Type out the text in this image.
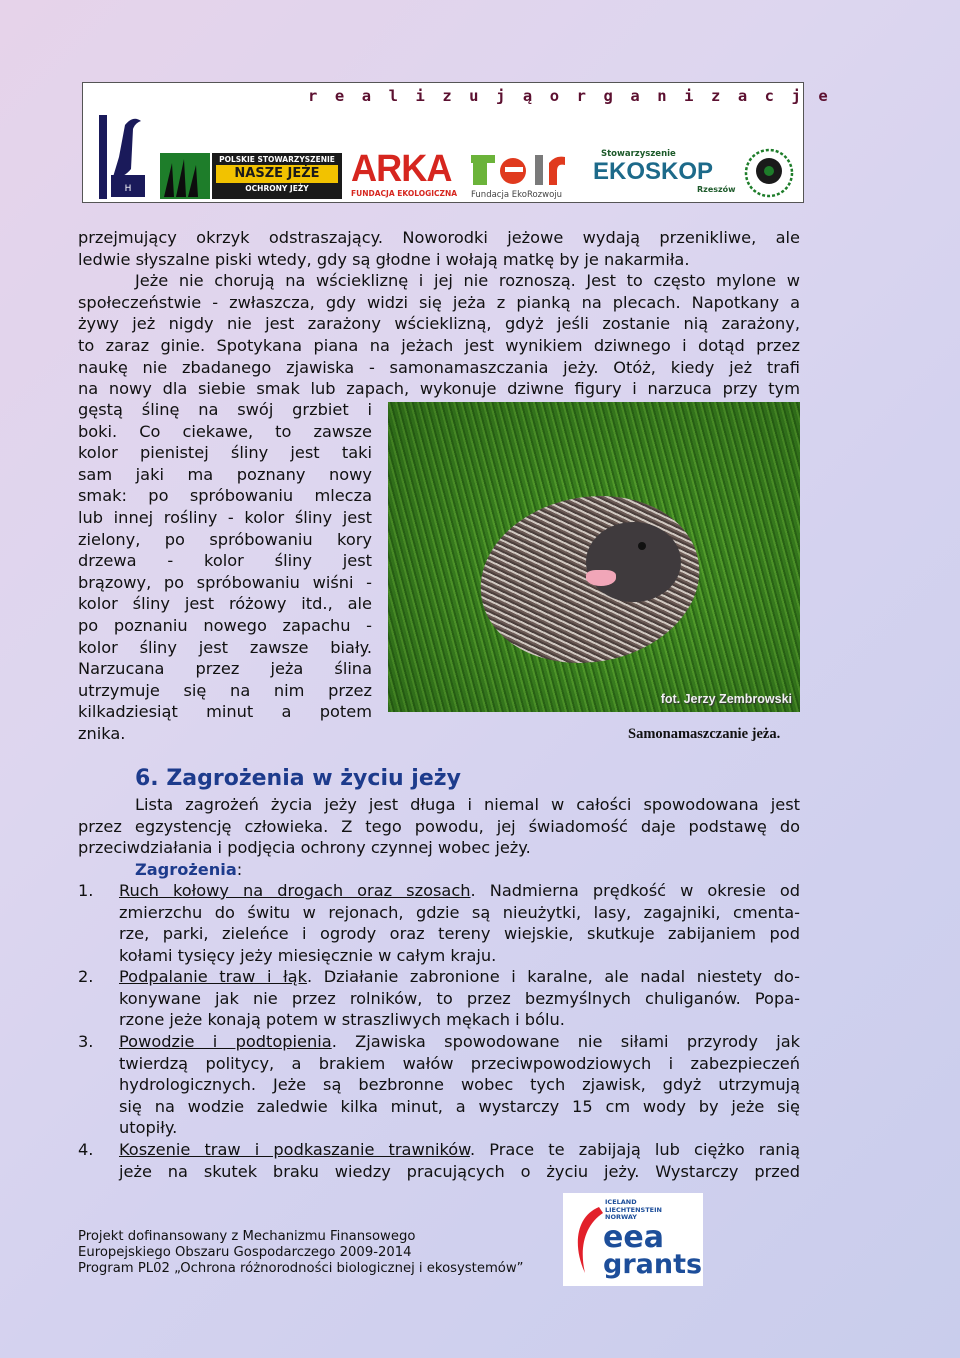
r e a l i z u j ą o r g a n i z a c j e
H
POLSKIE STOWARZYSZENIE
NASZE JEŻE
OCHRONY JEŻY	ARKA
FUNDACJA EKOLOGICZNA	Fundacja EkoRozwoju
Stowarzyszenie
EKOSKOP
Rzeszów

przejmujący okrzyk odstraszający. Noworodki jeżowe wydają przenikliwe, ale

ledwie słyszalne piski wtedy, gdy są głodne i wołają matkę by je nakarmiła.

Jeże nie chorują na wściekliznę i jej nie roznoszą. Jest to często mylone w

społeczeństwie - zwłaszcza, gdy widzi się jeża z pianką na plecach. Napotkany a

żywy jeż nigdy nie jest zarażony wścieklizną, gdyż jeśli zostanie nią zarażony,

to zaraz ginie. Spotykana piana na jeżach jest wynikiem dziwnego i dotąd przez

naukę nie zbadanego zjawiska - samonamaszczania jeży. Otóż, kiedy jeż trafi

na nowy dla siebie smak lub zapach, wykonuje dziwne figury i narzuca przy tym

gęstą ślinę na swój grzbiet i

boki. Co ciekawe, to zawsze

kolor pienistej śliny jest taki

sam jaki ma poznany nowy

smak: po spróbowaniu mlecza

lub innej rośliny - kolor śliny jest

zielony, po spróbowaniu kory

drzewa - kolor śliny jest

brązowy, po spróbowaniu wiśni -

kolor śliny jest różowy itd., ale

po poznaniu nowego zapachu -

kolor śliny jest zawsze biały.

Narzucana przez jeża ślina

utrzymuje się na nim przez

kilkadziesiąt minut a potem

znika.

fot. Jerzy Zembrowski
Samonamaszczanie jeża.
6. Zagrożenia w życiu jeży

Lista zagrożeń życia jeży jest długa i niemal w całości spowodowana jest

przez egzystencję człowieka. Z tego powodu, jej świadomość daje podstawę do

przeciwdziałania i podjęcia ochrony czynnej wobec jeży.

Zagrożenia:

1. Ruch kołowy na drogach oraz szosach. Nadmierna prędkość w okresie od

zmierzchu do świtu w rejonach, gdzie są nieużytki, lasy, zagajniki, cmenta-

rze, parki, zieleńce i ogrody oraz tereny wiejskie, skutkuje zabijaniem pod

kołami tysięcy jeży miesięcznie w całym kraju.

2. Podpalanie traw i łąk. Działanie zabronione i karalne, ale nadal niestety do-

konywane jak nie przez rolników, to przez bezmyślnych chuliganów. Popa-

rzone jeże konają potem w straszliwych mękach i bólu.

3. Powodzie i podtopienia. Zjawiska spowodowane nie siłami przyrody jak

twierdzą politycy, a brakiem wałów przeciwpowodziowych i zabezpieczeń

hydrologicznych. Jeże są bezbronne wobec tych zjawisk, gdyż utrzymują

się na wodzie zaledwie kilka minut, a wystarczy 15 cm wody by jeże się

utopiły.

4. Koszenie traw i podkaszanie trawników. Prace te zabijają lub ciężko ranią

jeże na skutek braku wiedzy pracujących o życiu jeży. Wystarczy przed

Projekt dofinansowany z Mechanizmu Finansowego
Europejskiego Obszaru Gospodarczego 2009-2014
Program PL02 „Ochrona różnorodności biologicznej i ekosystemów”
ICELAND
LIECHTENSTEIN
NORWAY
eea
grants
